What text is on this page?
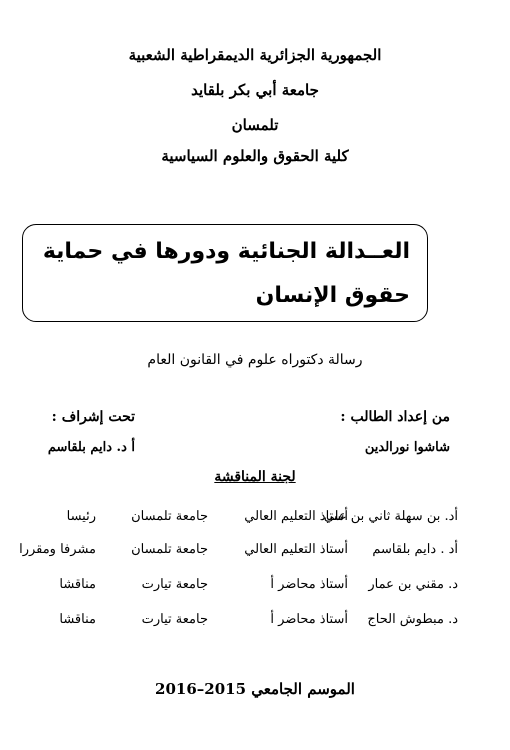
الجمهورية الجزائرية الديمقراطية الشعبية
جامعة أبي بكر بلقايد
تلمسان
كلية الحقوق والعلوم السياسية
العــدالة الجنائية ودورها في حماية حقوق الإنسان
رسالة دكتوراه علوم في القانون العام
من إعداد الطالب :
تحت إشراف :
شاشوا نورالدين
أ د. دايم بلقاسم
لجنة المناقشة
أد. بن سهلة ثاني بن علي
أستاذ التعليم العالي
جامعة تلمسان
رئيسا
أد . دايم بلقاسم
أستاذ التعليم العالي
جامعة تلمسان
مشرفا ومقررا
د. مقني بن عمار
أستاذ محاضر أ
جامعة تيارت
مناقشا
د. مبطوش الحاج
أستاذ محاضر أ
جامعة تيارت
مناقشا
الموسم الجامعي 2015–2016
